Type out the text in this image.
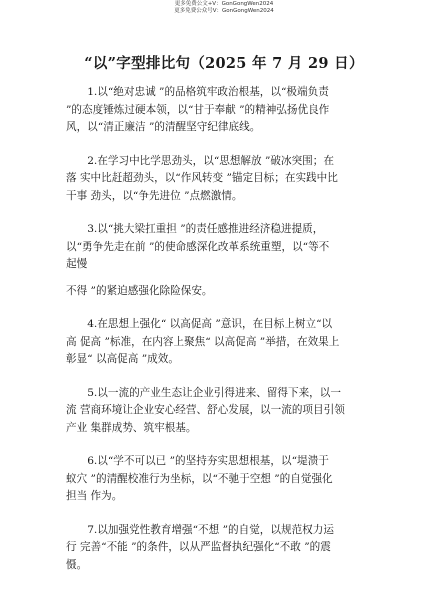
更多免费公文+V：GonGongWen2024
更多免费公众号V：GonGongWen2024
“以”字型排比句（2025 年 7 月 29 日）
1.以“绝对忠诚 ”的品格筑牢政治根基，以“极端负责
”的态度锤炼过硬本领，以“甘于奉献 ”的精神弘扬优良作
风，以“清正廉洁 ”的清醒坚守纪律底线。
2.在学习中比学思劲头，以“思想解放 ”破冰突围；在
落 实中比赶超劲头，以“作风转变 ”锚定目标；在实践中比
干事 劲头，以“争先进位 ”点燃激情。
3.以“挑大梁扛重担 ”的责任感推进经济稳进提质，
以“勇争先走在前 ”的使命感深化改革系统重塑，以“等不
起慢
不得 ”的紧迫感强化除险保安。
4.在思想上强化“ 以高促高 ”意识，在目标上树立“以
高 促高 ”标准，在内容上聚焦“ 以高促高 ”举措，在效果上
彰显“ 以高促高 ”成效。
5.以一流的产业生态让企业引得进来、留得下来，以一
流 营商环境让企业安心经营、舒心发展，以一流的项目引领
产业 集群成势、筑牢根基。
6.以“学不可以已 ”的坚持夯实思想根基，以“堤溃于
蚁穴 ”的清醒校准行为坐标，以“不驰于空想 ”的自觉强化
担当 作为。
7.以加强党性教育增强“不想 ”的自觉，以规范权力运
行 完善“不能 ”的条件，以从严监督执纪强化“不敢 ”的震
慑。
